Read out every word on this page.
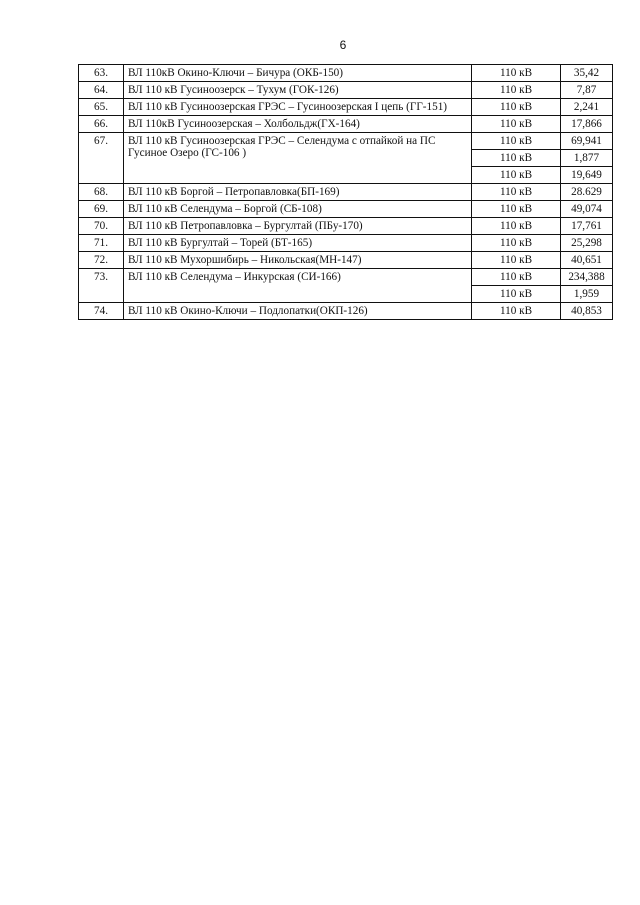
6
63.	ВЛ 110кВ Окино-Ключи – Бичура (ОКБ-150)	110 кВ	35,42
64.	ВЛ 110 кВ Гусиноозерск – Тухум (ГОК-126)	110 кВ	7,87
65.	ВЛ 110 кВ Гусиноозерская ГРЭС – Гусиноозерская I цепь (ГГ-151)	110 кВ	2,241
66.	ВЛ 110кВ Гусиноозерская – Холбольдж(ГХ-164)	110 кВ	17,866
67.	ВЛ 110 кВ Гусиноозерская ГРЭС – Селендума с отпайкой на ПС Гусиное Озеро (ГС-106 )	110 кВ	69,941
		110 кВ	1,877
		110 кВ	19,649
68.	ВЛ 110 кВ Боргой – Петропавловка(БП-169)	110 кВ	28.629
69.	ВЛ 110 кВ Селендума – Боргой (СБ-108)	110 кВ	49,074
70.	ВЛ 110 кВ Петропавловка – Бургултай (ПБу-170)	110 кВ	17,761
71.	ВЛ 110 кВ Бургултай – Торей (БТ-165)	110 кВ	25,298
72.	ВЛ 110 кВ Мухоршибирь – Никольская(МН-147)	110 кВ	40,651
73.	ВЛ 110 кВ Селендума – Инкурская (СИ-166)	110 кВ	234,388
		110 кВ	1,959
74.	ВЛ 110 кВ Окино-Ключи – Подлопатки(ОКП-126)	110 кВ	40,853
